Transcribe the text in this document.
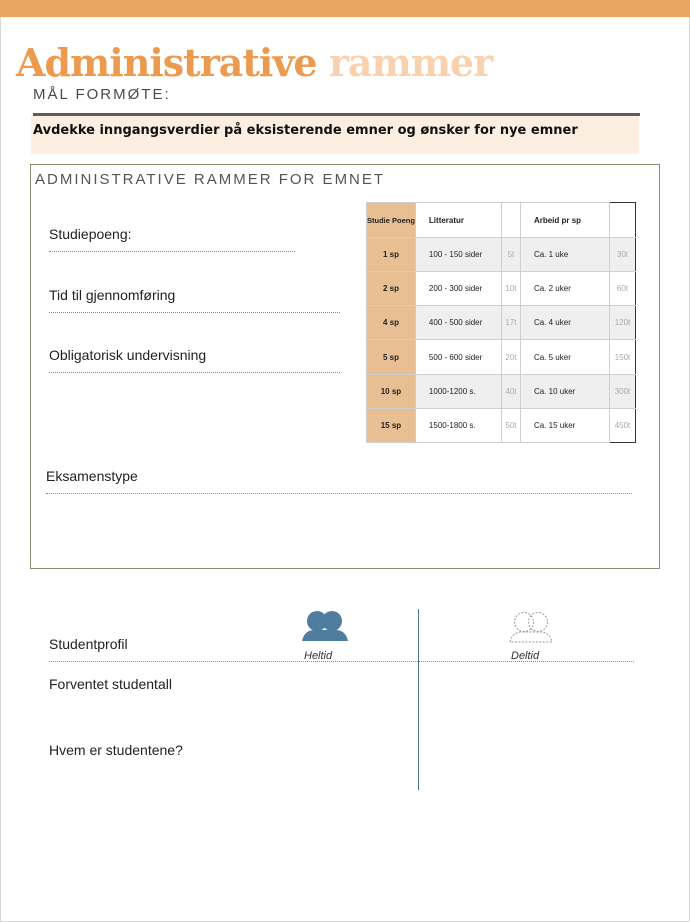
Administrative rammer
MÅL FORMØTE:
Avdekke inngangsverdier på eksisterende emner og ønsker for nye emner
ADMINISTRATIVE RAMMER FOR EMNET
Studiepoeng:
Tid til gjennomføring
Obligatorisk undervisning
Eksamenstype
Studie Poeng	Litteratur		Arbeid pr sp	
1 sp	100 - 150 sider	5t	Ca. 1 uke	30t
2 sp	200 - 300 sider	10t	Ca. 2 uker	60t
4 sp	400 - 500 sider	17t	Ca. 4 uker	120t
5 sp	500 - 600 sider	20t	Ca. 5 uker	150t
10 sp	1000-1200 s.	40t	Ca. 10 uker	300t
15 sp	1500-1800 s.	50t	Ca. 15 uker	450t
Studentprofil
Forventet studentall
Hvem er studentene?
Heltid	Deltid
